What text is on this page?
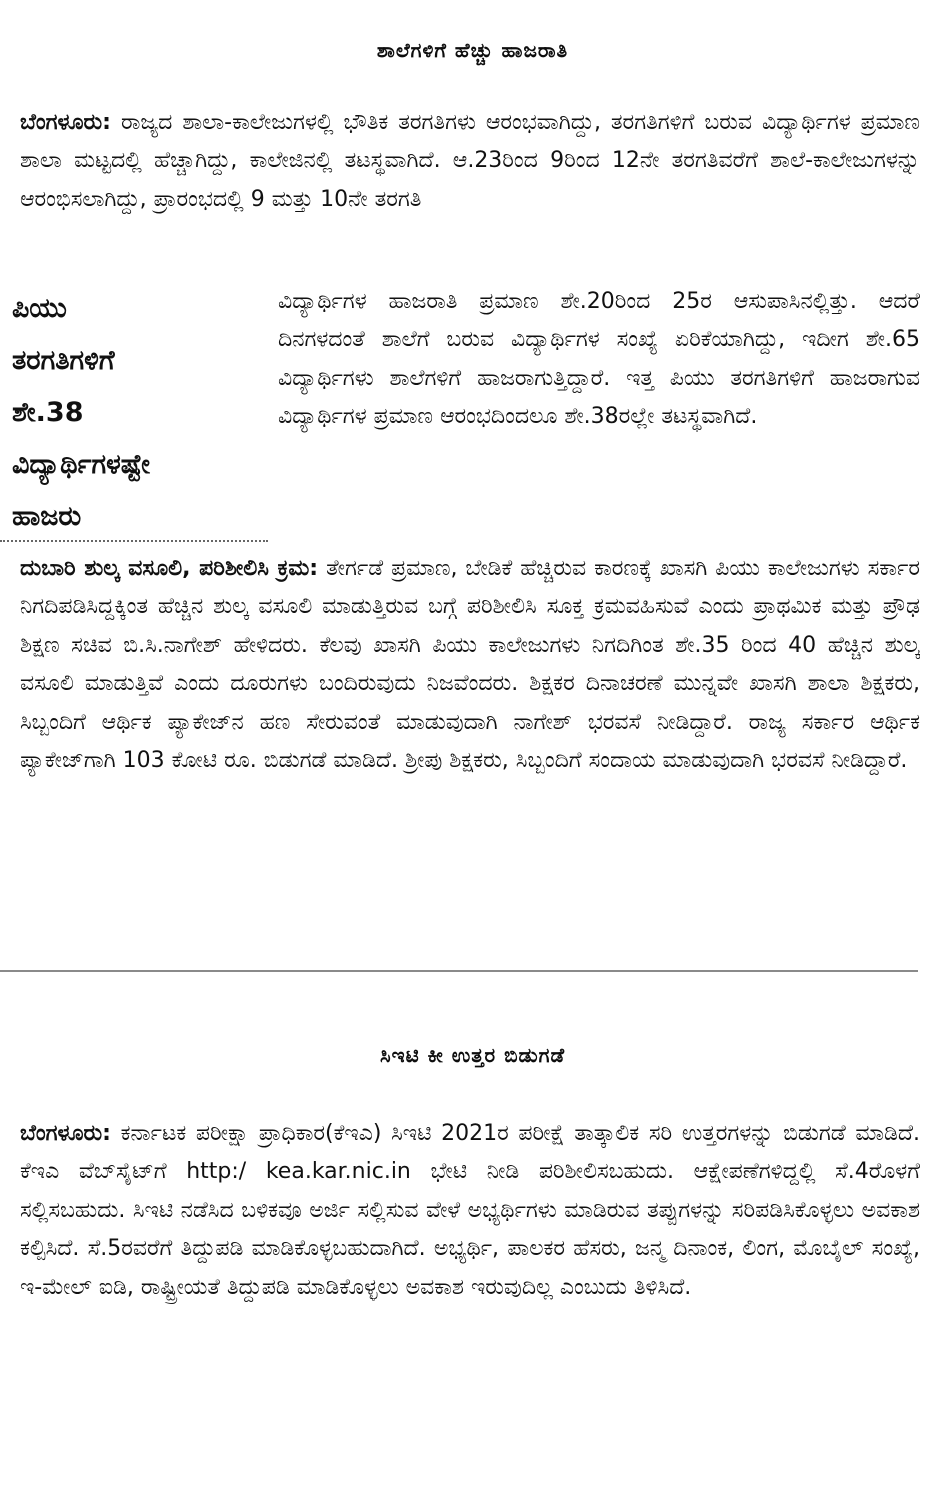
ಶಾಲೆಗಳಿಗೆ ಹೆಚ್ಚು ಹಾಜರಾತಿ

ಬೆಂಗಳೂರು: ರಾಜ್ಯದ ಶಾಲಾ-ಕಾಲೇಜುಗಳಲ್ಲಿ ಭೌತಿಕ ತರಗತಿಗಳು ಆರಂಭವಾಗಿದ್ದು, ತರಗತಿಗಳಿಗೆ ಬರುವ ವಿದ್ಯಾರ್ಥಿಗಳ ಪ್ರಮಾಣ ಶಾಲಾ ಮಟ್ಟದಲ್ಲಿ ಹೆಚ್ಚಾಗಿದ್ದು, ಕಾಲೇಜಿನಲ್ಲಿ ತಟಸ್ಥವಾಗಿದೆ. ಆ.23ರಿಂದ 9ರಿಂದ 12ನೇ ತರಗತಿವರೆಗೆ ಶಾಲೆ-ಕಾಲೇಜುಗಳನ್ನು ಆರಂಭಿಸಲಾಗಿದ್ದು, ಪ್ರಾರಂಭದಲ್ಲಿ 9 ಮತ್ತು 10ನೇ ತರಗತಿ

ಪಿಯು
ತರಗತಿಗಳಿಗೆ
ಶೇ.38
ವಿದ್ಯಾರ್ಥಿಗಳಷ್ಟೇ
ಹಾಜರು

ವಿದ್ಯಾರ್ಥಿಗಳ ಹಾಜರಾತಿ ಪ್ರಮಾಣ ಶೇ.20ರಿಂದ 25ರ ಆಸುಪಾಸಿನಲ್ಲಿತ್ತು. ಆದರೆ ದಿನಗಳದಂತೆ ಶಾಲೆಗೆ ಬರುವ ವಿದ್ಯಾರ್ಥಿಗಳ ಸಂಖ್ಯೆ ಏರಿಕೆಯಾಗಿದ್ದು, ಇದೀಗ ಶೇ.65 ವಿದ್ಯಾರ್ಥಿಗಳು ಶಾಲೆಗಳಿಗೆ ಹಾಜರಾಗುತ್ತಿದ್ದಾರೆ. ಇತ್ತ ಪಿಯು ತರಗತಿಗಳಿಗೆ ಹಾಜರಾಗುವ ವಿದ್ಯಾರ್ಥಿಗಳ ಪ್ರಮಾಣ ಆರಂಭದಿಂದಲೂ ಶೇ.38ರಲ್ಲೇ ತಟಸ್ಥವಾಗಿದೆ.

ದುಬಾರಿ ಶುಲ್ಕ ವಸೂಲಿ, ಪರಿಶೀಲಿಸಿ ಕ್ರಮ: ತೇರ್ಗಡೆ ಪ್ರಮಾಣ, ಬೇಡಿಕೆ ಹೆಚ್ಚಿರುವ ಕಾರಣಕ್ಕೆ ಖಾಸಗಿ ಪಿಯು ಕಾಲೇಜುಗಳು ಸರ್ಕಾರ ನಿಗದಿಪಡಿಸಿದ್ದಕ್ಕಿಂತ ಹೆಚ್ಚಿನ ಶುಲ್ಕ ವಸೂಲಿ ಮಾಡುತ್ತಿರುವ ಬಗ್ಗೆ ಪರಿಶೀಲಿಸಿ ಸೂಕ್ತ ಕ್ರಮವಹಿಸುವೆ ಎಂದು ಪ್ರಾಥಮಿಕ ಮತ್ತು ಪ್ರೌಢ ಶಿಕ್ಷಣ ಸಚಿವ ಬಿ.ಸಿ.ನಾಗೇಶ್ ಹೇಳಿದರು. ಕೆಲವು ಖಾಸಗಿ ಪಿಯು ಕಾಲೇಜುಗಳು ನಿಗದಿಗಿಂತ ಶೇ.35 ರಿಂದ 40 ಹೆಚ್ಚಿನ ಶುಲ್ಕ ವಸೂಲಿ ಮಾಡುತ್ತಿವೆ ಎಂದು ದೂರುಗಳು ಬಂದಿರುವುದು ನಿಜವೆಂದರು. ಶಿಕ್ಷಕರ ದಿನಾಚರಣೆ ಮುನ್ನವೇ ಖಾಸಗಿ ಶಾಲಾ ಶಿಕ್ಷಕರು, ಸಿಬ್ಬಂದಿಗೆ ಆರ್ಥಿಕ ಪ್ಯಾಕೇಜ್‌ನ ಹಣ ಸೇರುವಂತೆ ಮಾಡುವುದಾಗಿ ನಾಗೇಶ್ ಭರವಸೆ ನೀಡಿದ್ದಾರೆ. ರಾಜ್ಯ ಸರ್ಕಾರ ಆರ್ಥಿಕ ಪ್ಯಾಕೇಜ್‌ಗಾಗಿ 103 ಕೋಟಿ ರೂ. ಬಿಡುಗಡೆ ಮಾಡಿದೆ. ಶ್ರೀಪು ಶಿಕ್ಷಕರು, ಸಿಬ್ಬಂದಿಗೆ ಸಂದಾಯ ಮಾಡುವುದಾಗಿ ಭರವಸೆ ನೀಡಿದ್ದಾರೆ.

ಸಿಇಟಿ ಕೀ ಉತ್ತರ ಬಿಡುಗಡೆ

ಬೆಂಗಳೂರು: ಕರ್ನಾಟಕ ಪರೀಕ್ಷಾ ಪ್ರಾಧಿಕಾರ(ಕೆಇಎ) ಸಿಇಟಿ 2021ರ ಪರೀಕ್ಷೆ ತಾತ್ಕಾಲಿಕ ಸರಿ ಉತ್ತರಗಳನ್ನು ಬಿಡುಗಡೆ ಮಾಡಿದೆ. ಕೆಇಎ ವೆಬ್‌ಸೈಟ್‌ಗೆ http:/ kea.kar.nic.in ಭೇಟಿ ನೀಡಿ ಪರಿಶೀಲಿಸಬಹುದು. ಆಕ್ಷೇಪಣೆಗಳಿದ್ದಲ್ಲಿ ಸೆ.4ರೊಳಗೆ ಸಲ್ಲಿಸಬಹುದು. ಸಿಇಟಿ ನಡೆಸಿದ ಬಳಿಕವೂ ಅರ್ಜಿ ಸಲ್ಲಿಸುವ ವೇಳೆ ಅಭ್ಯರ್ಥಿಗಳು ಮಾಡಿರುವ ತಪ್ಪುಗಳನ್ನು ಸರಿಪಡಿಸಿಕೊಳ್ಳಲು ಅವಕಾಶ ಕಲ್ಪಿಸಿದೆ. ಸೆ.5ರವರೆಗೆ ತಿದ್ದುಪಡಿ ಮಾಡಿಕೊಳ್ಳಬಹುದಾಗಿದೆ. ಅಭ್ಯರ್ಥಿ, ಪಾಲಕರ ಹೆಸರು, ಜನ್ಮ ದಿನಾಂಕ, ಲಿಂಗ, ಮೊಬೈಲ್ ಸಂಖ್ಯೆ, ಇ-ಮೇಲ್ ಐಡಿ, ರಾಷ್ಟ್ರೀಯತೆ ತಿದ್ದುಪಡಿ ಮಾಡಿಕೊಳ್ಳಲು ಅವಕಾಶ ಇರುವುದಿಲ್ಲ ಎಂಬುದು ತಿಳಿಸಿದೆ.
